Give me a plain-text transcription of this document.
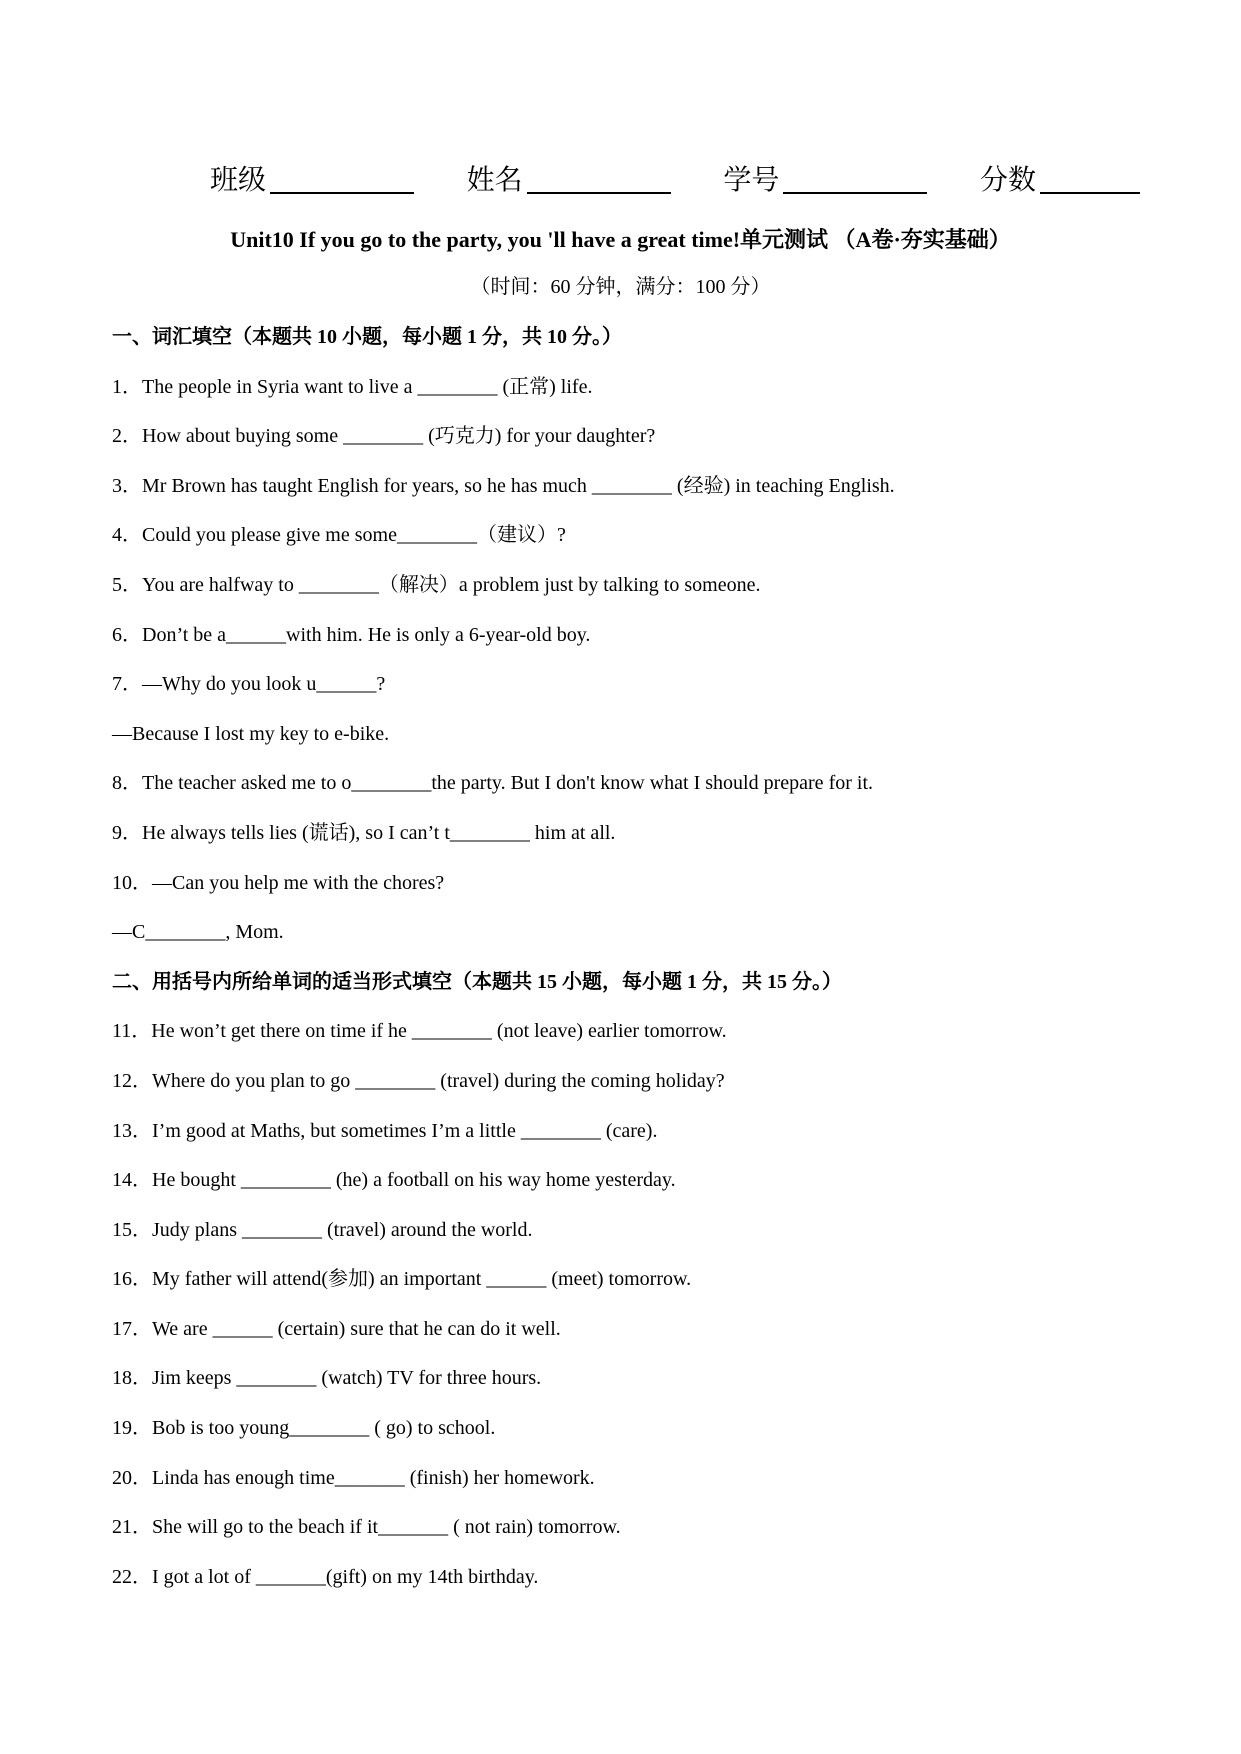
班级	姓名	学号	分数
Unit10 If you go to the party, you 'll have a great time!单元测试 （A卷·夯实基础）
（时间：60 分钟，满分：100 分）
一、词汇填空（本题共 10 小题，每小题 1 分，共 10 分。）
1．The people in Syria want to live a ________ (正常) life.
2．How about buying some ________ (巧克力) for your daughter?
3．Mr Brown has taught English for years, so he has much ________ (经验) in teaching English.
4．Could you please give me some________（建议）?
5．You are halfway to ________（解决）a problem just by talking to someone.
6．Don’t be a______with him. He is only a 6-year-old boy.
7．—Why do you look u______?
—Because I lost my key to e-bike.
8．The teacher asked me to o________the party. But I don't know what I should prepare for it.
9．He always tells lies (谎话), so I can’t t________ him at all.
10．—Can you help me with the chores?
—C________, Mom.
二、用括号内所给单词的适当形式填空（本题共 15 小题，每小题 1 分，共 15 分。）
11．He won’t get there on time if he ________ (not leave) earlier tomorrow.
12．Where do you plan to go ________ (travel) during the coming holiday?
13．I’m good at Maths, but sometimes I’m a little ________ (care).
14．He bought _________ (he) a football on his way home yesterday.
15．Judy plans ________ (travel) around the world.
16．My father will attend(参加) an important ______ (meet) tomorrow.
17．We are ______ (certain) sure that he can do it well.
18．Jim keeps ________ (watch) TV for three hours.
19．Bob is too young________ ( go) to school.
20．Linda has enough time_______ (finish) her homework.
21．She will go to the beach if it_______ ( not rain) tomorrow.
22．I got a lot of _______(gift) on my 14th birthday.
